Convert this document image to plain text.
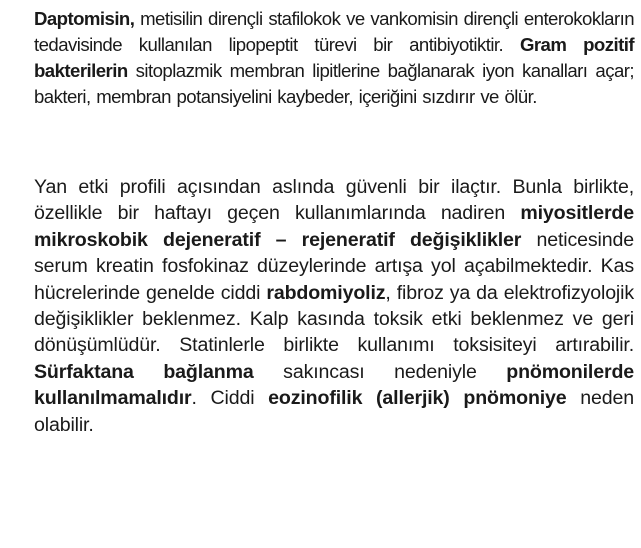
Daptomisin, metisilin dirençli stafilokok ve vankomisin dirençli enterokokların tedavisinde kullanılan lipopeptit türevi bir antibiyotiktir. Gram pozitif bakterilerin sitoplazmik membran lipitlerine bağlanarak iyon kanalları açar; bakteri, membran potansiyelini kaybeder, içeriğini sızdırır ve ölür.

Yan etki profili açısından aslında güvenli bir ilaçtır. Bunla birlikte, özellikle bir haftayı geçen kullanımlarında nadiren miyositlerde mikroskobik dejeneratif – rejeneratif değişiklikler neticesinde serum kreatin fosfokinaz düzeylerinde artışa yol açabilmektedir. Kas hücrelerinde genelde ciddi rabdomiyoliz, fibroz ya da elektrofizyolojik değişiklikler beklenmez. Kalp kasında toksik etki beklenmez ve geri dönüşümlüdür. Statinlerle birlikte kullanımı toksisiteyi artırabilir. Sürfaktana bağlanma sakıncası nedeniyle pnömonilerde kullanılmamalıdır. Ciddi eozinofilik (allerjik) pnömoniye neden olabilir.
